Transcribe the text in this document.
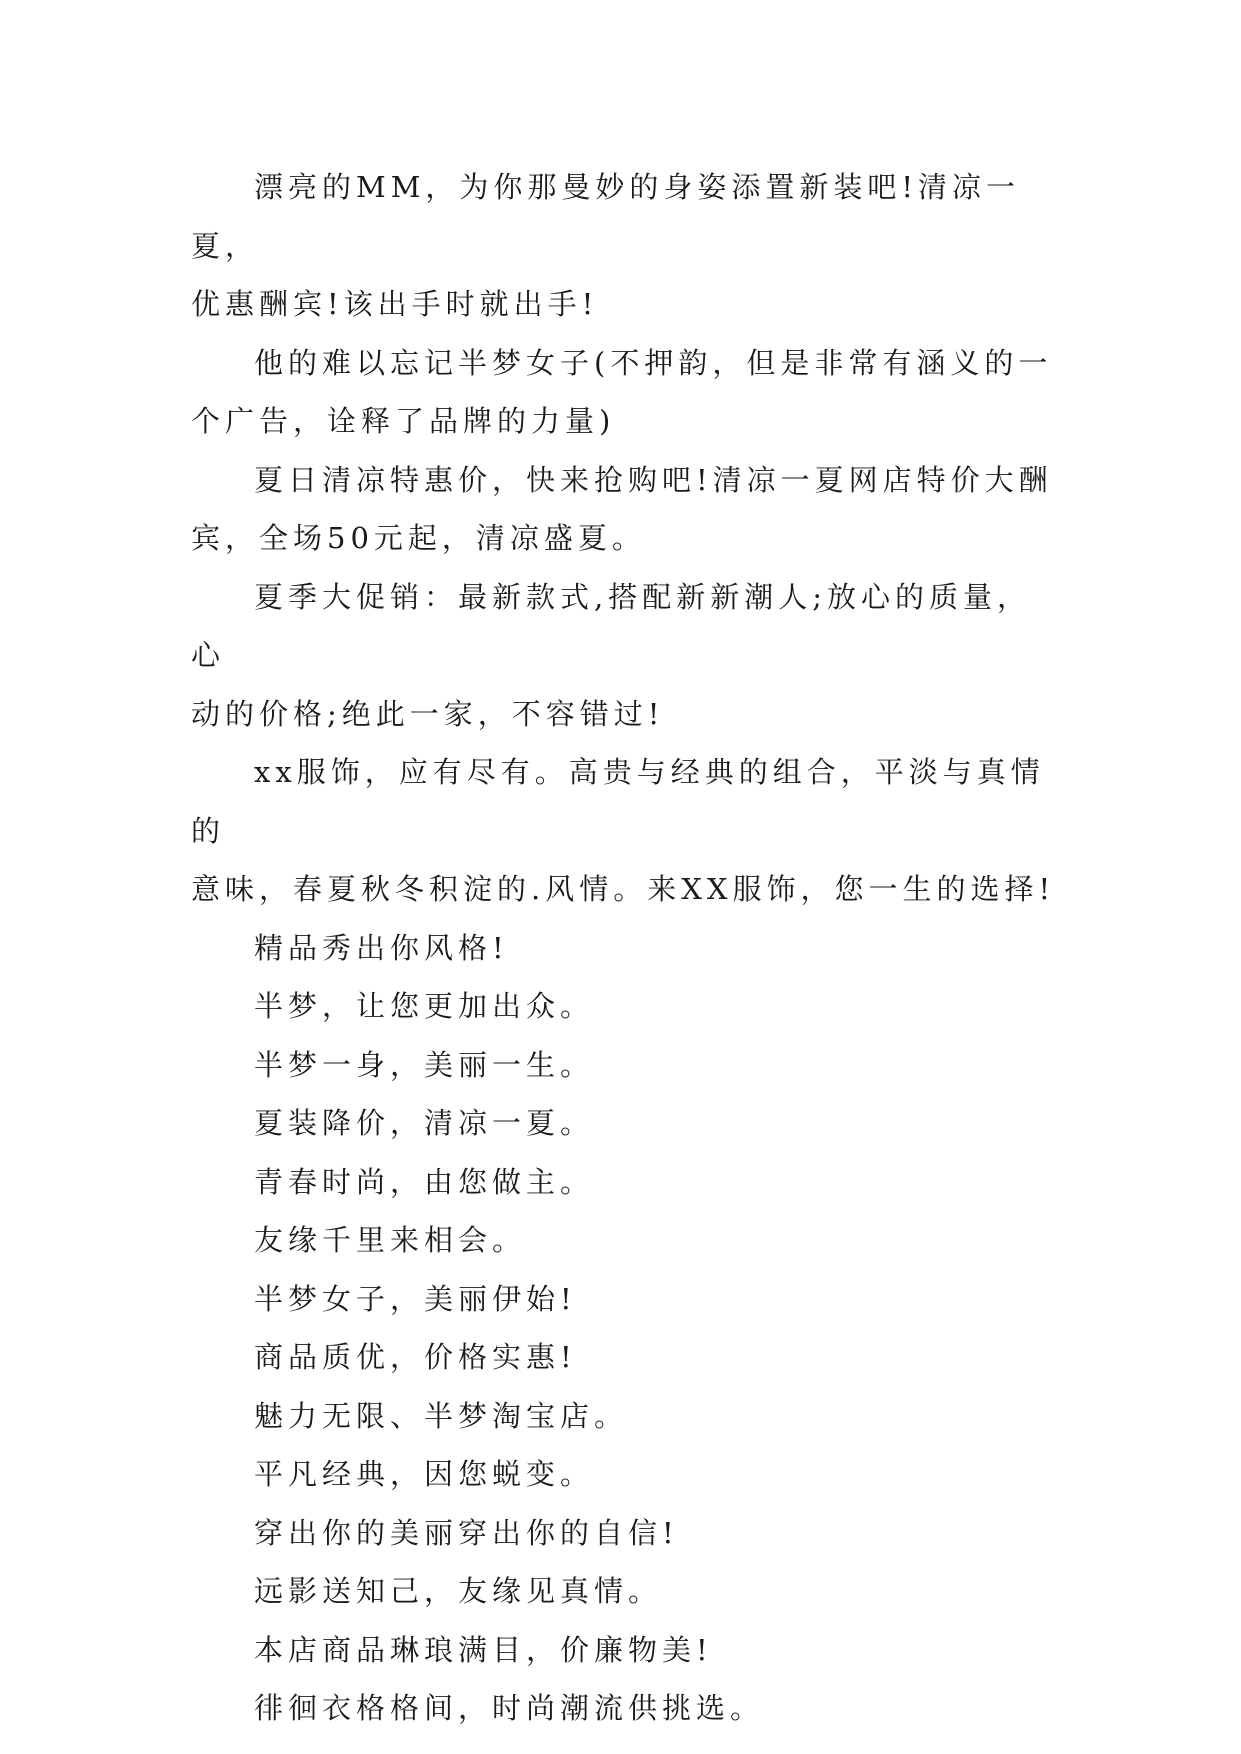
漂亮的MM，为你那曼妙的身姿添置新装吧!清凉一夏，
优惠酬宾!该出手时就出手!

他的难以忘记半梦女子(不押韵，但是非常有涵义的一
个广告，诠释了品牌的力量)

夏日清凉特惠价，快来抢购吧!清凉一夏网店特价大酬
宾，全场50元起，清凉盛夏。

夏季大促销：最新款式,搭配新新潮人;放心的质量，心
动的价格;绝此一家，不容错过!

xx服饰，应有尽有。高贵与经典的组合，平淡与真情的
意味，春夏秋冬积淀的.风情。来XX服饰，您一生的选择!

精品秀出你风格!

半梦，让您更加出众。

半梦一身，美丽一生。

夏装降价，清凉一夏。

青春时尚，由您做主。

友缘千里来相会。

半梦女子，美丽伊始!

商品质优，价格实惠!

魅力无限、半梦淘宝店。

平凡经典，因您蜕变。

穿出你的美丽穿出你的自信!

远影送知己，友缘见真情。

本店商品琳琅满目，价廉物美!

徘徊衣格格间，时尚潮流供挑选。
